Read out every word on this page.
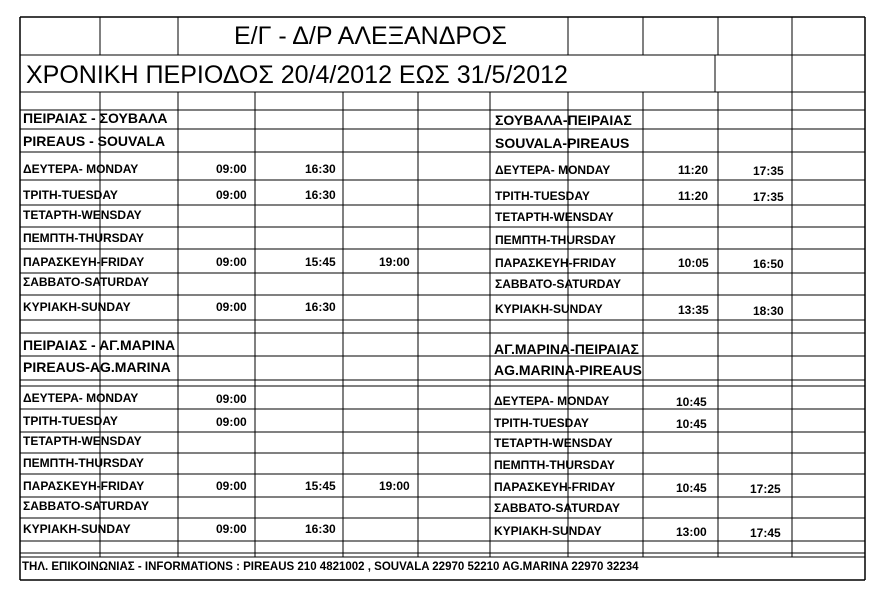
Ε/Γ - Δ/Ρ ΑΛΕΞΑΝΔΡΟΣ
ΧΡΟΝΙΚΗ ΠΕΡΙΟΔΟΣ 20/4/2012 ΕΩΣ 31/5/2012
ΠΕΙΡΑΙΑΣ - ΣΟΥΒΑΛΑ
PIREAUS - SOUVALA
ΔΕΥΤΕΡΑ- MONDAY	09:00	16:30
ΤΡΙΤΗ-TUESDAY	09:00	16:30
ΤΕΤΑΡΤΗ-WENSDAY
ΠΕΜΠΤΗ-THURSDAY
ΠΑΡΑΣΚΕΥΗ-FRIDAY	09:00	15:45	19:00
ΣΑΒΒΑΤΟ-SATURDAY
ΚΥΡΙΑΚΗ-SUNDAY	09:00	16:30
ΣΟΥΒΑΛΑ-ΠΕΙΡΑΙΑΣ
SOUVALA-PIREAUS
ΔΕΥΤΕΡΑ- MONDAY	11:20	17:35
ΤΡΙΤΗ-TUESDAY	11:20	17:35
ΤΕΤΑΡΤΗ-WENSDAY
ΠΕΜΠΤΗ-THURSDAY
ΠΑΡΑΣΚΕΥΗ-FRIDAY	10:05	16:50
ΣΑΒΒΑΤΟ-SATURDAY
ΚΥΡΙΑΚΗ-SUNDAY	13:35	18:30
ΠΕΙΡΑΙΑΣ - ΑΓ.ΜΑΡΙΝΑ
PIREAUS-AG.MARINA
ΔΕΥΤΕΡΑ- MONDAY	09:00
ΤΡΙΤΗ-TUESDAY	09:00
ΤΕΤΑΡΤΗ-WENSDAY
ΠΕΜΠΤΗ-THURSDAY
ΠΑΡΑΣΚΕΥΗ-FRIDAY	09:00	15:45	19:00
ΣΑΒΒΑΤΟ-SATURDAY
ΚΥΡΙΑΚΗ-SUNDAY	09:00	16:30
ΑΓ.ΜΑΡΙΝΑ-ΠΕΙΡΑΙΑΣ
AG.MARINA-PIREAUS
ΔΕΥΤΕΡΑ- MONDAY	10:45
ΤΡΙΤΗ-TUESDAY	10:45
ΤΕΤΑΡΤΗ-WENSDAY
ΠΕΜΠΤΗ-THURSDAY
ΠΑΡΑΣΚΕΥΗ-FRIDAY	10:45	17:25
ΣΑΒΒΑΤΟ-SATURDAY
ΚΥΡΙΑΚΗ-SUNDAY	13:00	17:45
ΤΗΛ. ΕΠΙΚΟΙΝΩΝΙΑΣ - INFORMATIONS : PIREAUS 210 4821002 , SOUVALA 22970 52210 AG.MARINA 22970 32234
